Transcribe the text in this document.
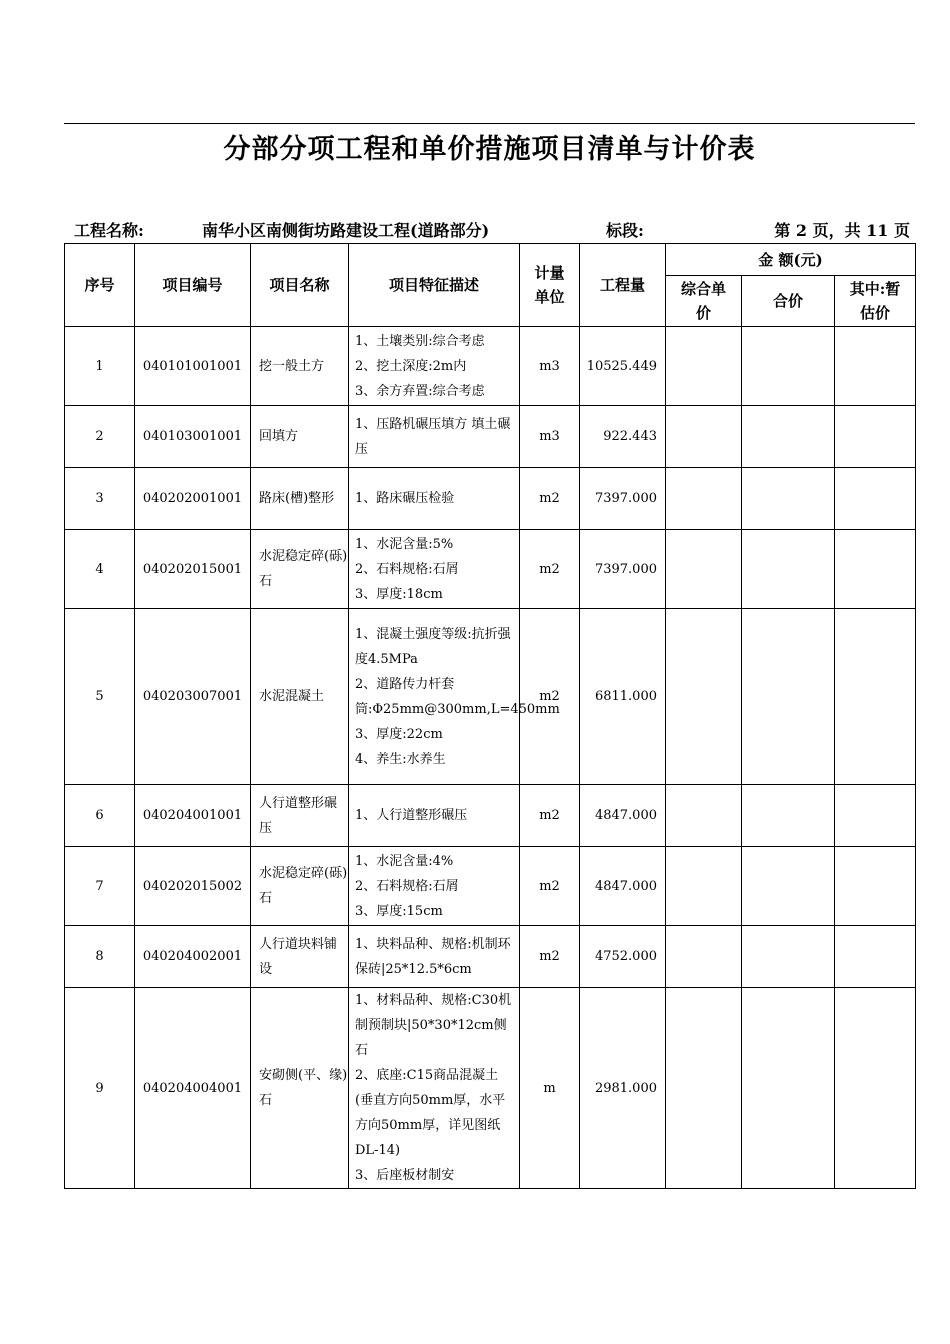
分部分项工程和单价措施项目清单与计价表
工程名称:	南华小区南侧街坊路建设工程(道路部分)	标段:	第 2 页，共 11 页
序号	项目编号	项目名称	项目特征描述	计量单位	工程量	金 额(元)		
						综合单价	合价	其中:暂估价
1	040101001001	挖一般土方	1、土壤类别:综合考虑
2、挖土深度:2m内
3、余方弃置:综合考虑	m3	10525.449			
2	040103001001	回填方	1、压路机碾压填方 填土碾压	m3	922.443			
3	040202001001	路床(槽)整形	1、路床碾压检验	m2	7397.000			
4	040202015001	水泥稳定碎(砾)石	1、水泥含量:5%
2、石料规格:石屑
3、厚度:18cm	m2	7397.000			
5	040203007001	水泥混凝土	1、混凝土强度等级:抗折强度4.5MPa
2、道路传力杆套筒:Φ25mm@300mm,L=450mm
3、厚度:22cm
4、养生:水养生	m2	6811.000			
6	040204001001	人行道整形碾压	1、人行道整形碾压	m2	4847.000			
7	040202015002	水泥稳定碎(砾)石	1、水泥含量:4%
2、石料规格:石屑
3、厚度:15cm	m2	4847.000			
8	040204002001	人行道块料铺设	1、块料品种、规格:机制环保砖|25*12.5*6cm	m2	4752.000			
9	040204004001	安砌侧(平、缘)石	1、材料品种、规格:C30机制预制块|50*30*12cm侧石
2、底座:C15商品混凝土(垂直方向50mm厚，水平方向50mm厚，详见图纸DL-14)
3、后座板材制安	m	2981.000			
